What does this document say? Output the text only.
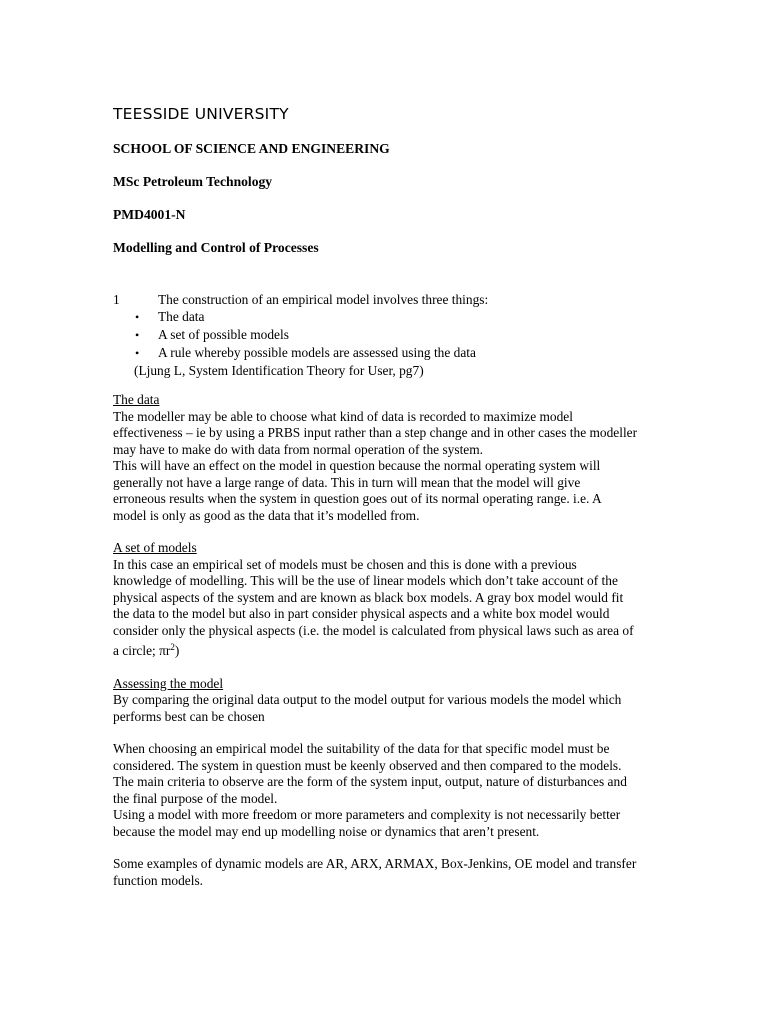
TEESSIDE UNIVERSITY
SCHOOL OF SCIENCE AND ENGINEERING
MSc Petroleum Technology
PMD4001-N
Modelling and Control of Processes
1	The construction of an empirical model involves three things:
•	The data
•	A set of possible models
•	A rule whereby possible models are assessed using the data

(Ljung L, System Identification Theory for User, pg7)

The data

The modeller may be able to choose what kind of data is recorded to maximize model

effectiveness – ie by using a PRBS input rather than a step change and in other cases the modeller

may have to make do with data from normal operation of the system.

This will have an effect on the model in question because the normal operating system will

generally not have a large range of data. This in turn will mean that the model will give

erroneous results when the system in question goes out of its normal operating range. i.e. A

model is only as good as the data that it’s modelled from.

A set of models

In this case an empirical set of models must be chosen and this is done with a previous

knowledge of modelling. This will be the use of linear models which don’t take account of the

physical aspects of the system and are known as black box models. A gray box model would fit

the data to the model but also in part consider physical aspects and a white box model would

consider only the physical aspects (i.e. the model is calculated from physical laws such as area of

a circle; $\pi r^2$)

Assessing the model

By comparing the original data output to the model output for various models the model which

performs best can be chosen

When choosing an empirical model the suitability of the data for that specific model must be

considered. The system in question must be keenly observed and then compared to the models.

The main criteria to observe are the form of the system input, output, nature of disturbances and

the final purpose of the model.

Using a model with more freedom or more parameters and complexity is not necessarily better

because the model may end up modelling noise or dynamics that aren’t present.

Some examples of dynamic models are AR, ARX, ARMAX, Box-Jenkins, OE model and transfer

function models.
